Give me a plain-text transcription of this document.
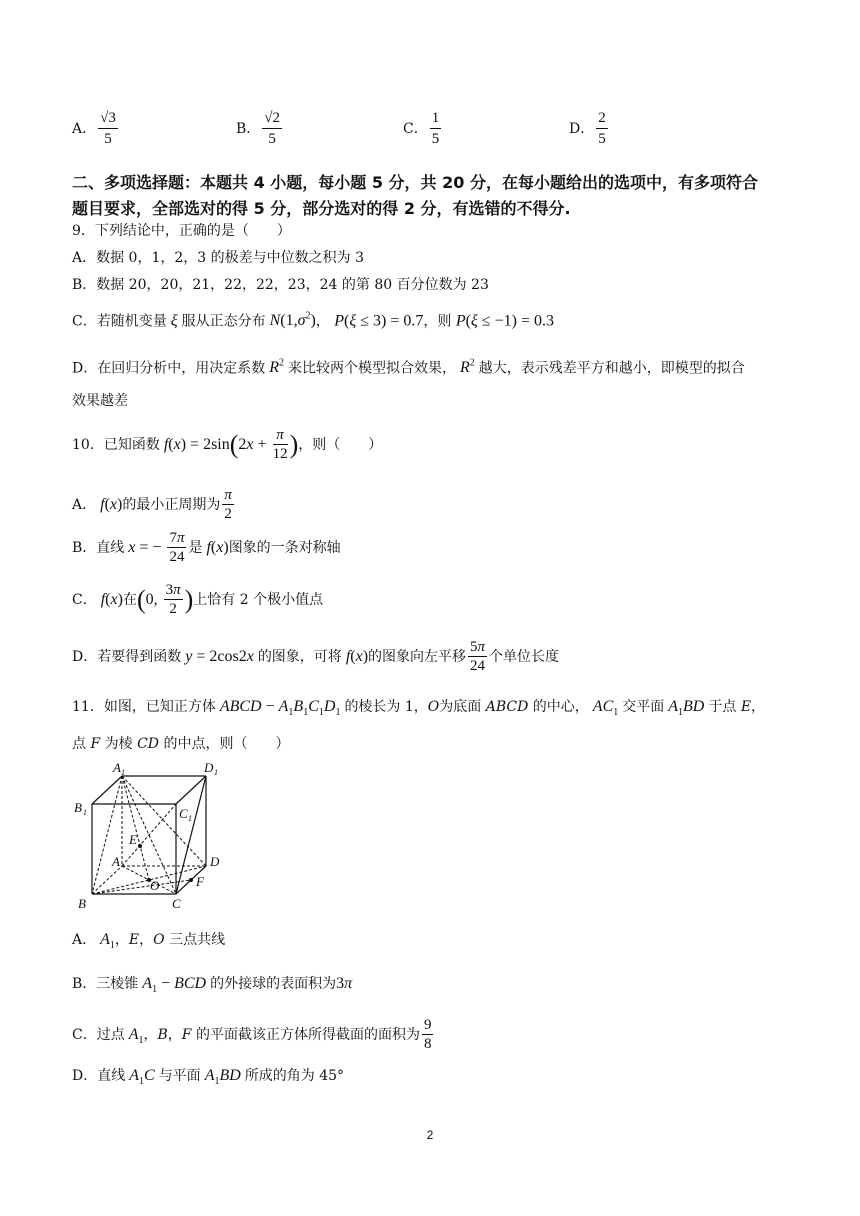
A． $\frac{√3}{5}$	B． $\frac{√2}{5}$	C． $\frac{1}{5}$	D． $\frac{2}{5}$
二、多项选择题：本题共 4 小题，每小题 5 分，共 20 分，在每小题给出的选项中，有多项符合
题目要求，全部选对的得 5 分，部分选对的得 2 分，有选错的不得分.
9．下列结论中，正确的是（　　）
A．数据 0，1，2，3 的极差与中位数之积为 3
B．数据 20，20，21，22，22，23，24 的第 80 百分位数为 23
C．若随机变量 ξ 服从正态分布 $N(1,\sigma^2)$， P(ξ ≤ 3) = 0.7，则 P(ξ ≤ −1) = 0.3
D．在回归分析中，用决定系数 $R^2$ 来比较两个模型拟合效果， $R^2$ 越大，表示残差平方和越小，即模型的拟合
效果越差
10．已知函数 $f(x) = 2\sin(2x + \frac{\pi}{12}$ )，则（　　）
A． f(x)的最小正周期为 $\frac{\pi}{2}$
B．直线 x = − $\frac{7\pi}{24}$ 是 f(x)图象的一条对称轴
C． f(x)在(0, $\frac{3\pi}{2}$ )上恰有 2 个极小值点
D．若要得到函数 y = 2cos2x 的图象，可将 f(x)的图象向左平移 $\frac{5\pi}{24}$ 个单位长度
11．如图，已知正方体 ABCD − $A_1B_1C_1D_1$ 的棱长为 1，O为底面 ABCD 的中心， $AC_1$ 交平面 $A_1BD$ 于点 E，
点 F 为棱 CD 的中点，则（　　）
A 1	D 1
B 1	C 1
E
A	D
O	F
B	C
A． $A_1$，E，O 三点共线
B．三棱锥 $A_1$ − BCD 的外接球的表面积为3π
C．过点 $A_1$，B，F 的平面截该正方体所得截面的面积为 $\frac{9}{8}$
D．直线 $A_1C$ 与平面 $A_1BD$ 所成的角为 45°
2
